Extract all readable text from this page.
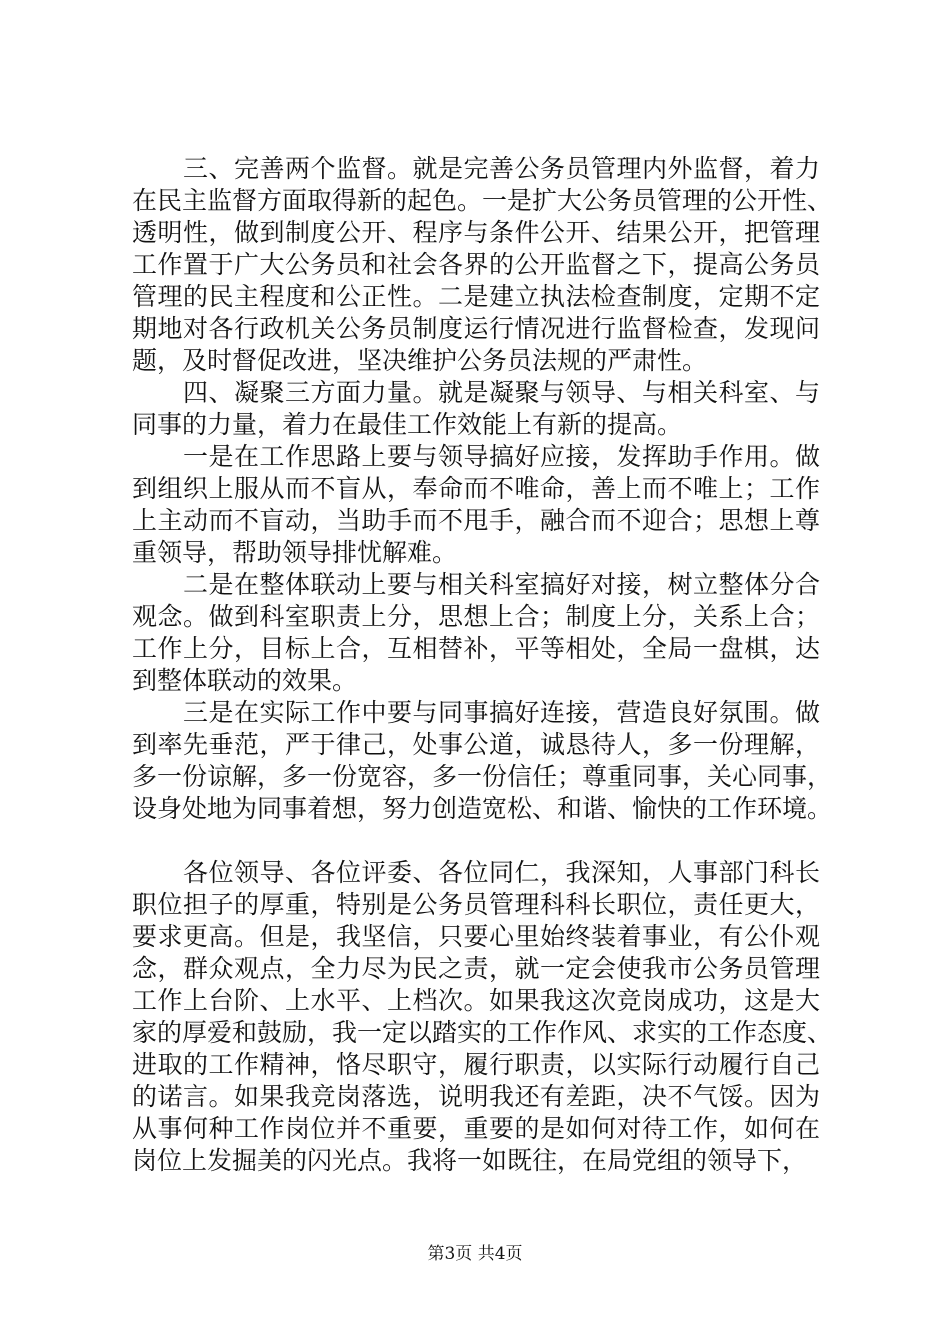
　　三、完善两个监督。就是完善公务员管理内外监督，着力
在民主监督方面取得新的起色。一是扩大公务员管理的公开性、
透明性，做到制度公开、程序与条件公开、结果公开，把管理
工作置于广大公务员和社会各界的公开监督之下，提高公务员
管理的民主程度和公正性。二是建立执法检查制度，定期不定
期地对各行政机关公务员制度运行情况进行监督检查，发现问
题，及时督促改进，坚决维护公务员法规的严肃性。
　　四、凝聚三方面力量。就是凝聚与领导、与相关科室、与
同事的力量，着力在最佳工作效能上有新的提高。
　　一是在工作思路上要与领导搞好应接，发挥助手作用。做
到组织上服从而不盲从，奉命而不唯命，善上而不唯上；工作
上主动而不盲动，当助手而不甩手，融合而不迎合；思想上尊
重领导，帮助领导排忧解难。
　　二是在整体联动上要与相关科室搞好对接，树立整体分合
观念。做到科室职责上分，思想上合；制度上分，关系上合；
工作上分，目标上合，互相替补，平等相处，全局一盘棋，达
到整体联动的效果。
　　三是在实际工作中要与同事搞好连接，营造良好氛围。做
到率先垂范，严于律己，处事公道，诚恳待人，多一份理解，
多一份谅解，多一份宽容，多一份信任；尊重同事，关心同事，
设身处地为同事着想，努力创造宽松、和谐、愉快的工作环境。
　　各位领导、各位评委、各位同仁，我深知，人事部门科长
职位担子的厚重，特别是公务员管理科科长职位，责任更大，
要求更高。但是，我坚信，只要心里始终装着事业，有公仆观
念，群众观点，全力尽为民之责，就一定会使我市公务员管理
工作上台阶、上水平、上档次。如果我这次竞岗成功，这是大
家的厚爱和鼓励，我一定以踏实的工作作风、求实的工作态度、
进取的工作精神，恪尽职守，履行职责，以实际行动履行自己
的诺言。如果我竞岗落选，说明我还有差距，决不气馁。因为
从事何种工作岗位并不重要，重要的是如何对待工作，如何在
岗位上发掘美的闪光点。我将一如既往，在局党组的领导下，
第3页 共4页
